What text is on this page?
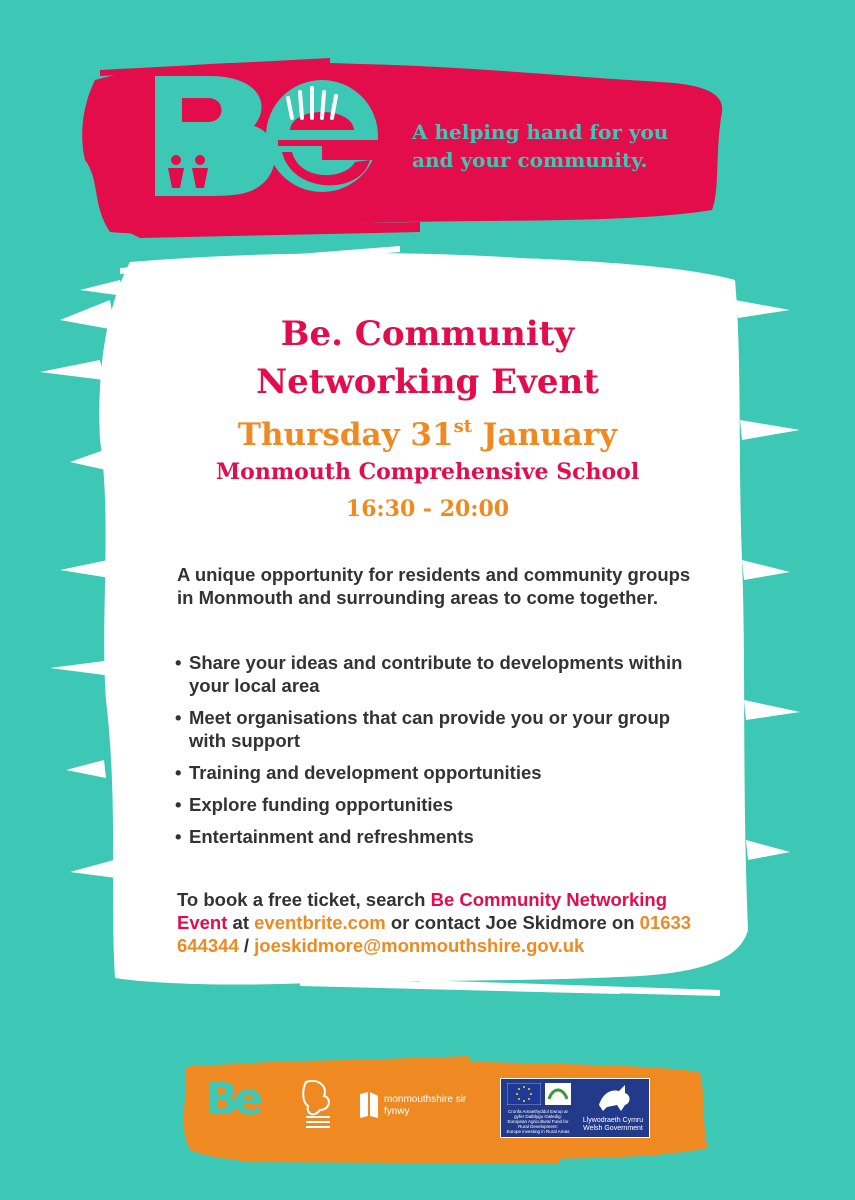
A helping hand for you
and your community.
Be. Community
Networking Event
Thursday 31st January
Monmouth Comprehensive School
16:30 - 20:00
A unique opportunity for residents and community groups in Monmouth and surrounding areas to come together.
• Share your ideas and contribute to developments within your local area
• Meet organisations that can provide you or your group with support
• Training and development opportunities
• Explore funding opportunities
• Entertainment and refreshments
To book a free ticket, search Be Community Networking Event at eventbrite.com or contact Joe Skidmore on 01633 644344 / joeskidmore@monmouthshire.gov.uk
Be	monmouthshire sir fynwy	Cronfa Amaethyddol Ewrop ar gyfer Datblygu Gwledig:
European Agricultural Fund for Rural Development:
Europe investing in Rural Areas
Llywodraeth Cymru
Welsh Government
